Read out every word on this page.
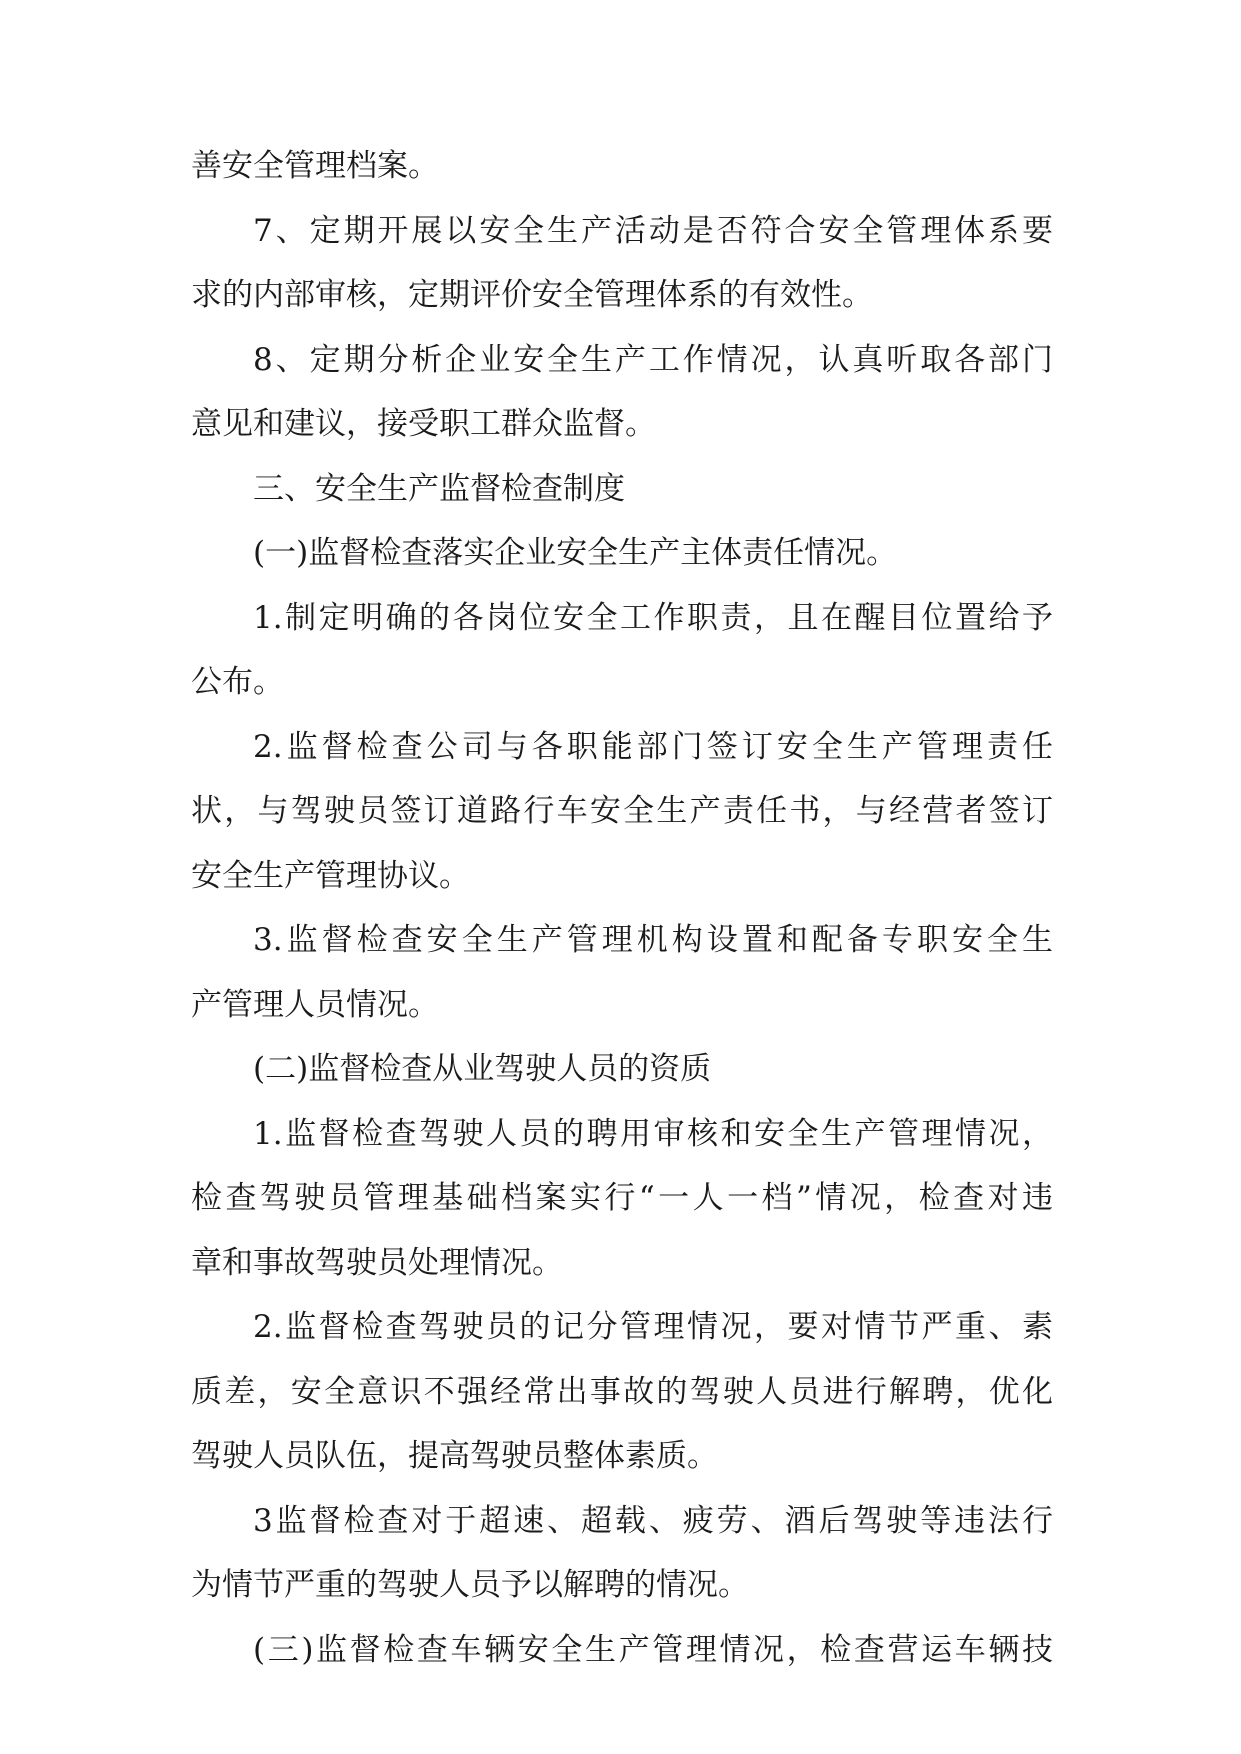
善安全管理档案。
7、定期开展以安全生产活动是否符合安全管理体系要
求的内部审核，定期评价安全管理体系的有效性。
8、定期分析企业安全生产工作情况，认真听取各部门
意见和建议，接受职工群众监督。
三、安全生产监督检查制度
(一)监督检查落实企业安全生产主体责任情况。
1.制定明确的各岗位安全工作职责，且在醒目位置给予
公布。
2.监督检查公司与各职能部门签订安全生产管理责任
状，与驾驶员签订道路行车安全生产责任书，与经营者签订
安全生产管理协议。
3.监督检查安全生产管理机构设置和配备专职安全生
产管理人员情况。
(二)监督检查从业驾驶人员的资质
1.监督检查驾驶人员的聘用审核和安全生产管理情况，
检查驾驶员管理基础档案实行“一人一档”情况，检查对违
章和事故驾驶员处理情况。
2.监督检查驾驶员的记分管理情况，要对情节严重、素
质差，安全意识不强经常出事故的驾驶人员进行解聘，优化
驾驶人员队伍，提高驾驶员整体素质。
3监督检查对于超速、超载、疲劳、酒后驾驶等违法行
为情节严重的驾驶人员予以解聘的情况。
(三)监督检查车辆安全生产管理情况，检查营运车辆技
